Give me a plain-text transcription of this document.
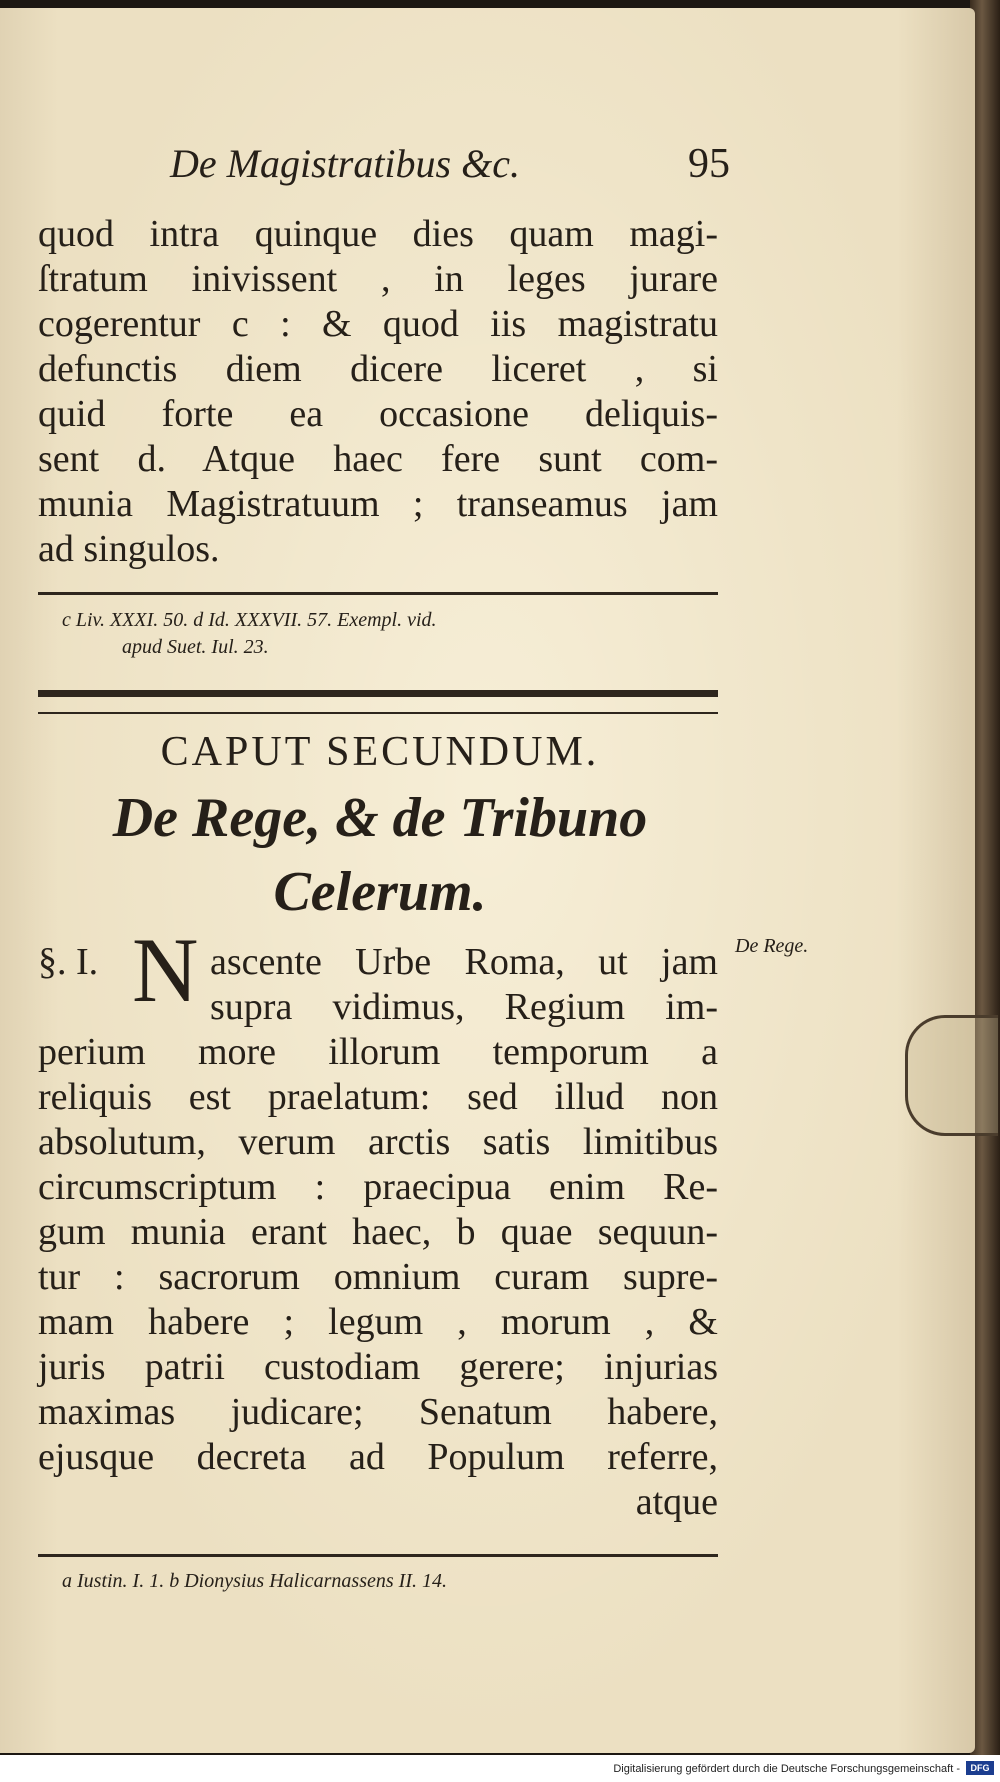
De Magistratibus &c.	95
quod intra quinque dies quam magi-
ſtratum inivissent , in leges jurare
cogerentur c : & quod iis magistratu
defunctis diem dicere liceret , si
quid forte ea occasione deliquis-
sent d. Atque haec fere sunt com-
munia Magistratuum ; transeamus jam
ad singulos.
c Liv. XXXI. 50. d Id. XXXVII. 57. Exempl. vid.
apud Suet. Iul. 23.
CAPUT SECUNDUM.
De Rege, & de Tribuno
Celerum.
De Rege.
§. I. N ascente Urbe Roma, ut jam
supra vidimus, Regium im-
perium more illorum temporum a
reliquis est praelatum: sed illud non
absolutum, verum arctis satis limitibus
circumscriptum : praecipua enim Re-
gum munia erant haec, b quae sequun-
tur : sacrorum omnium curam supre-
mam habere ; legum , morum , &
juris patrii custodiam gerere; injurias
maximas judicare; Senatum habere,
ejusque decreta ad Populum referre,
atque
a Iustin. I. 1. b Dionysius Halicarnassens II. 14.
Digitalisierung gefördert durch die Deutsche Forschungsgemeinschaft -	DFG
